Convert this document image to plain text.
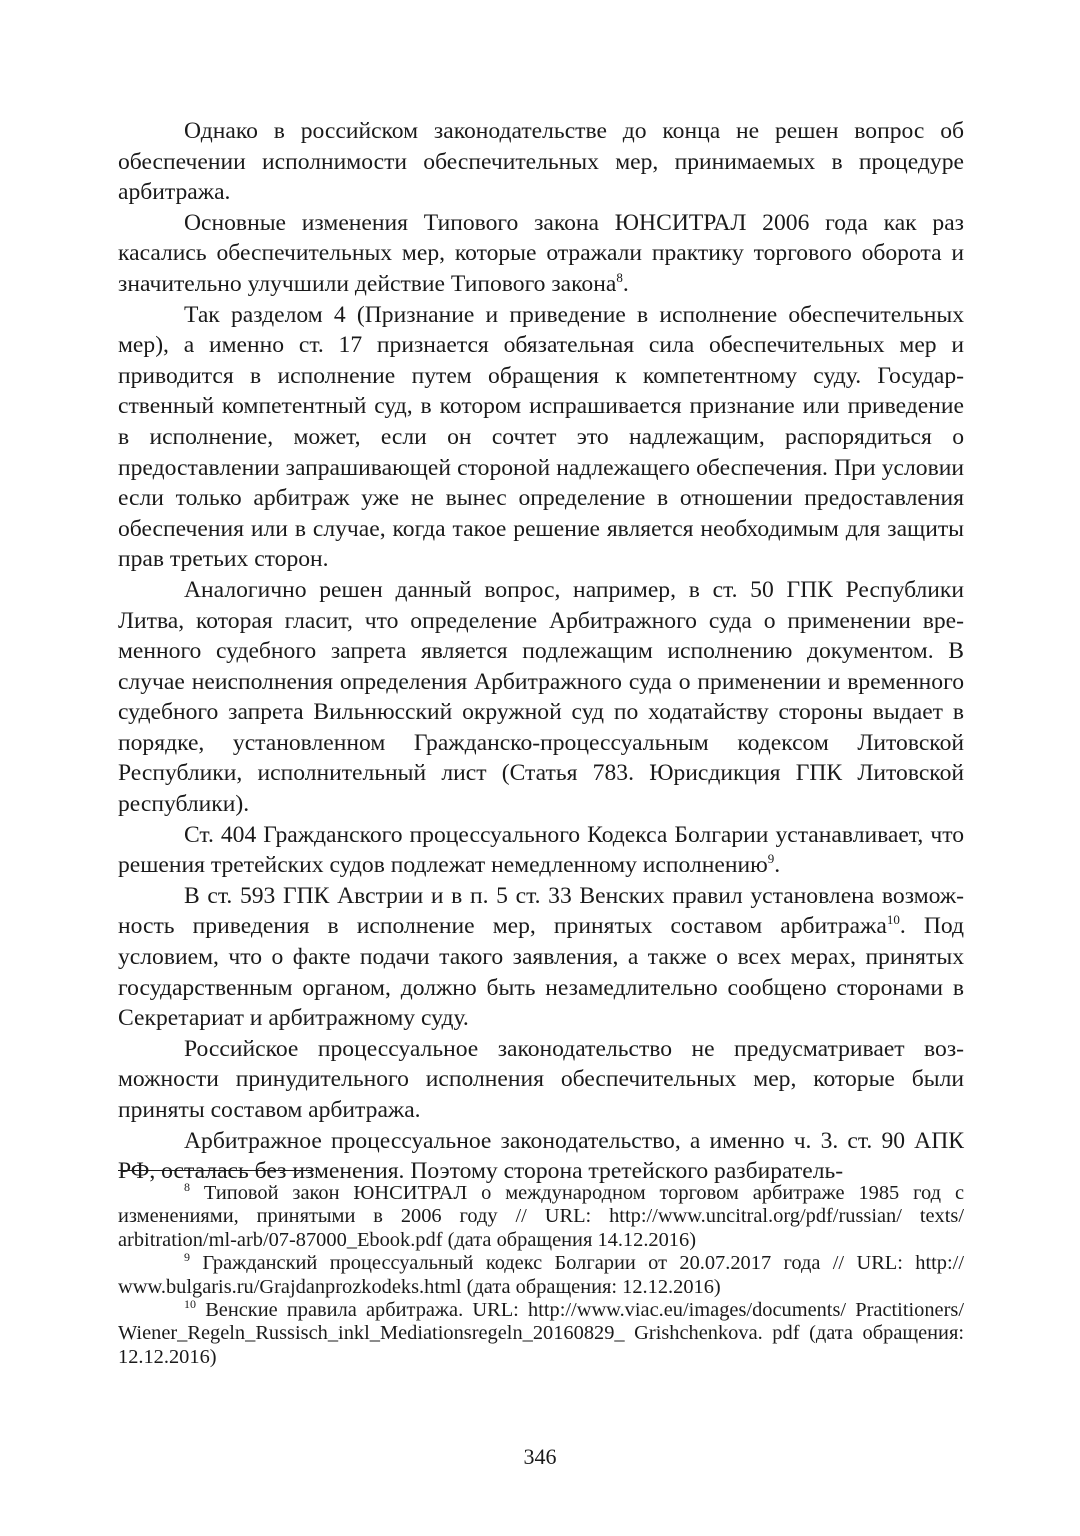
Однако в российском законодательстве до конца не решен вопрос об обеспечении исполнимости обеспечительных мер, принимаемых в процедуре арбитража.

Основные изменения Типового закона ЮНСИТРАЛ 2006 года как раз касались обеспечительных мер, которые отражали практику торгового оборота и значительно улучшили действие Типового закона$^8$.

Так разделом 4 (Признание и приведение в исполнение обеспечительных мер), а именно ст. 17 признается обязательная сила обеспечительных мер и приводится в исполнение путем обращения к компетентному суду. Государственный компетентный суд, в котором испрашивается признание или приведение в исполнение, может, если он сочтет это надлежащим, распорядиться о предоставлении запрашивающей стороной надлежащего обеспечения. При условии если только арбитраж уже не вынес определение в отношении предоставления обеспечения или в случае, когда такое решение является необходимым для защиты прав третьих сторон.

Аналогично решен данный вопрос, например, в ст. 50 ГПК Республики Литва, которая гласит, что определение Арбитражного суда о применении временного судебного запрета является подлежащим исполнению документом. В случае неисполнения определения Арбитражного суда о применении и временного судебного запрета Вильнюсский окружной суд по ходатайству стороны выдает в порядке, установленном Гражданско-процессуальным кодексом Литовской Республики, исполнительный лист (Статья 783. Юрисдикция ГПК Литовской республики).

Ст. 404 Гражданского процессуального Кодекса Болгарии устанавливает, что решения третейских судов подлежат немедленному исполнению$^9$.

В ст. 593 ГПК Австрии и в п. 5 ст. 33 Венских правил установлена возможность приведения в исполнение мер, принятых составом арбитража$^{10}$. Под условием, что о факте подачи такого заявления, а также о всех мерах, принятых государственным органом, должно быть незамедлительно сообщено сторонами в Секретариат и арбитражному суду.

Российское процессуальное законодательство не предусматривает возможности принудительного исполнения обеспечительных мер, которые были приняты составом арбитража.

Арбитражное процессуальное законодательство, а именно ч. 3. ст. 90 АПК РФ, осталась без изменения. Поэтому сторона третейского разбиратель-

$^8$ Типовой закон ЮНСИТРАЛ о международном торговом арбитраже 1985 год с изменениями, принятыми в 2006 году // URL: http://www.uncitral.org/pdf/russian/ texts/ arbitration/ml-arb/07-87000_Ebook.pdf (дата обращения 14.12.2016)

$^9$ Гражданский процессуальный кодекс Болгарии от 20.07.2017 года // URL: http:// www.bulgaris.ru/Grajdanprozkodeks.html (дата обращения: 12.12.2016)

$^{10}$ Венские правила арбитража. URL: http://www.viac.eu/images/documents/ Practitioners/ Wiener_Regeln_Russisch_inkl_Mediationsregeln_20160829_ Grishchenkova. pdf (дата обращения: 12.12.2016)

346
